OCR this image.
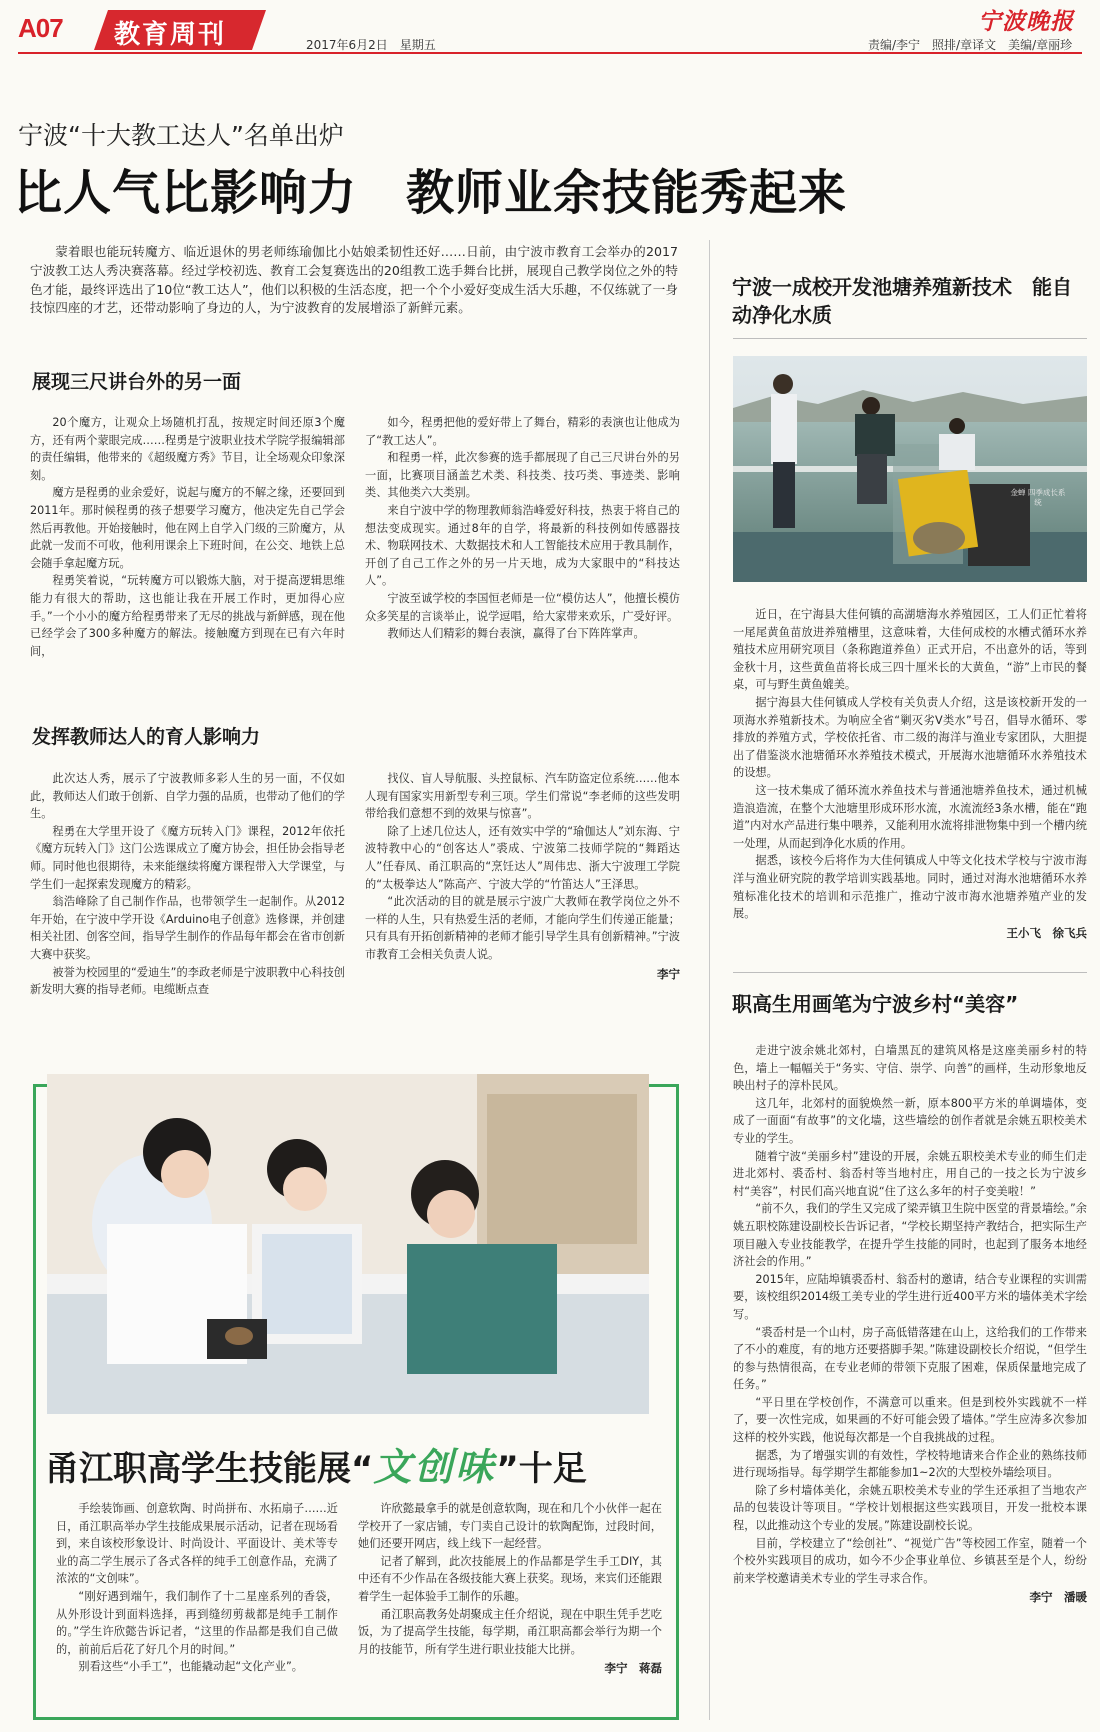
A07 教育周刊	2017年6月2日　星期五	责编/李宁　照排/章译文　美编/章丽珍
宁波晚报
宁波“十大教工达人”名单出炉
比人气比影响力　教师业余技能秀起来

蒙着眼也能玩转魔方、临近退休的男老师练瑜伽比小姑娘柔韧性还好……日前，由宁波市教育工会举办的2017宁波教工达人秀决赛落幕。经过学校初选、教育工会复赛选出的20组教工选手舞台比拼，展现自己教学岗位之外的特色才能，最终评选出了10位“教工达人”，他们以积极的生活态度，把一个个小爱好变成生活大乐趣，不仅练就了一身技惊四座的才艺，还带动影响了身边的人，为宁波教育的发展增添了新鲜元素。

展现三尺讲台外的另一面

20个魔方，让观众上场随机打乱，按规定时间还原3个魔方，还有两个蒙眼完成……程勇是宁波职业技术学院学报编辑部的责任编辑，他带来的《超级魔方秀》节目，让全场观众印象深刻。

魔方是程勇的业余爱好，说起与魔方的不解之缘，还要回到2011年。那时候程勇的孩子想要学习魔方，他决定先自己学会然后再教他。开始接触时，他在网上自学入门级的三阶魔方，从此就一发而不可收，他利用课余上下班时间，在公交、地铁上总会随手拿起魔方玩。

程勇笑着说，“玩转魔方可以锻炼大脑，对于提高逻辑思维能力有很大的帮助，这也能让我在开展工作时，更加得心应手。”一个小小的魔方给程勇带来了无尽的挑战与新鲜感，现在他已经学会了300多种魔方的解法。接触魔方到现在已有六年时间，

如今，程勇把他的爱好带上了舞台，精彩的表演也让他成为了“教工达人”。

和程勇一样，此次参赛的选手都展现了自己三尺讲台外的另一面，比赛项目涵盖艺术类、科技类、技巧类、事迹类、影响类、其他类六大类别。

来自宁波中学的物理教师翁浩峰爱好科技，热衷于将自己的想法变成现实。通过8年的自学，将最新的科技例如传感器技术、物联网技术、大数据技术和人工智能技术应用于教具制作，开创了自己工作之外的另一片天地，成为大家眼中的“科技达人”。

宁波至诚学校的李国恒老师是一位“模仿达人”，他擅长模仿众多笑星的言谈举止，说学逗唱，给大家带来欢乐，广受好评。

教师达人们精彩的舞台表演，赢得了台下阵阵掌声。

发挥教师达人的育人影响力

此次达人秀，展示了宁波教师多彩人生的另一面，不仅如此，教师达人们敢于创新、自学力强的品质，也带动了他们的学生。

程勇在大学里开设了《魔方玩转入门》课程，2012年依托《魔方玩转入门》这门公选课成立了魔方协会，担任协会指导老师。同时他也很期待，未来能继续将魔方课程带入大学课堂，与学生们一起探索发现魔方的精彩。

翁浩峰除了自己制作作品，也带领学生一起制作。从2012年开始，在宁波中学开设《Arduino电子创意》选修课，并创建相关社团、创客空间，指导学生制作的作品每年都会在省市创新大赛中获奖。

被誉为校园里的“爱迪生”的李政老师是宁波职教中心科技创新发明大赛的指导老师。电缆断点查

找仪、盲人导航服、头控鼠标、汽车防盗定位系统……他本人现有国家实用新型专利三项。学生们常说“李老师的这些发明带给我们意想不到的效果与惊喜”。

除了上述几位达人，还有效实中学的“瑜伽达人”刘东海、宁波特教中心的“创客达人”裘成、宁波第二技师学院的“舞蹈达人”任春凤、甬江职高的“烹饪达人”周伟忠、浙大宁波理工学院的“太极拳达人”陈高产、宁波大学的“竹笛达人”王泽思。

“此次活动的目的就是展示宁波广大教师在教学岗位之外不一样的人生，只有热爱生活的老师，才能向学生们传递正能量；只有具有开拓创新精神的老师才能引导学生具有创新精神。”宁波市教育工会相关负责人说。

李宁
宁波一成校开发池塘养殖新技术　能自动净化水质
金蝉 四季成长系统

近日，在宁海县大佳何镇的高湖塘海水养殖园区，工人们正忙着将一尾尾黄鱼苗放进养殖槽里，这意味着，大佳何成校的水槽式循环水养殖技术应用研究项目（条称跑道养鱼）正式开启，不出意外的话，等到金秋十月，这些黄鱼苗将长成三四十厘米长的大黄鱼，“游”上市民的餐桌，可与野生黄鱼媲美。

据宁海县大佳何镇成人学校有关负责人介绍，这是该校新开发的一项海水养殖新技术。为响应全省“剿灭劣Ⅴ类水”号召，倡导水循环、零排放的养殖方式，学校依托省、市二级的海洋与渔业专家团队，大胆提出了借鉴淡水池塘循环水养殖技术模式，开展海水池塘循环水养殖技术的设想。

这一技术集成了循环流水养鱼技术与普通池塘养鱼技术，通过机械造浪造流，在整个大池塘里形成环形水流，水流流经3条水槽，能在“跑道”内对水产品进行集中喂养，又能利用水流将排泄物集中到一个槽内统一处理，从而起到净化水质的作用。

据悉，该校今后将作为大佳何镇成人中等文化技术学校与宁波市海洋与渔业研究院的教学培训实践基地。同时，通过对海水池塘循环水养殖标准化技术的培训和示范推广，推动宁波市海水池塘养殖产业的发展。

王小飞　徐飞兵
职高生用画笔为宁波乡村“美容”

走进宁波余姚北郊村，白墙黑瓦的建筑风格是这座美丽乡村的特色，墙上一幅幅关于“务实、守信、崇学、向善”的画样，生动形象地反映出村子的淳朴民风。

这几年，北郊村的面貌焕然一新，原本800平方米的单调墙体，变成了一面面“有故事”的文化墙，这些墙绘的创作者就是余姚五职校美术专业的学生。

随着宁波“美丽乡村”建设的开展，余姚五职校美术专业的师生们走进北郊村、裘岙村、翁岙村等当地村庄，用自己的一技之长为宁波乡村“美容”，村民们高兴地直说“住了这么多年的村子变美啦！”

“前不久，我们的学生又完成了梁弄镇卫生院中医堂的背景墙绘。”余姚五职校陈建设副校长告诉记者，“学校长期坚持产教结合，把实际生产项目融入专业技能教学，在提升学生技能的同时，也起到了服务本地经济社会的作用。”

2015年，应陆埠镇裘岙村、翁岙村的邀请，结合专业课程的实训需要，该校组织2014级工美专业的学生进行近400平方米的墙体美术字绘写。

“裘岙村是一个山村，房子高低错落建在山上，这给我们的工作带来了不小的难度，有的地方还要搭脚手架。”陈建设副校长介绍说，“但学生的参与热情很高，在专业老师的带领下克服了困难，保质保量地完成了任务。”

“平日里在学校创作，不满意可以重来。但是到校外实践就不一样了，要一次性完成，如果画的不好可能会毁了墙体。”学生应涛多次参加这样的校外实践，他说每次都是一个自我挑战的过程。

据悉，为了增强实训的有效性，学校特地请来合作企业的熟练技师进行现场指导。每学期学生都能参加1~2次的大型校外墙绘项目。

除了乡村墙体美化，余姚五职校美术专业的学生还承担了当地农产品的包装设计等项目。“学校计划根据这些实践项目，开发一批校本课程，以此推动这个专业的发展。”陈建设副校长说。

目前，学校建立了“绘创社”、“视觉广告”等校园工作室，随着一个个校外实践项目的成功，如今不少企事业单位、乡镇甚至是个人，纷纷前来学校邀请美术专业的学生寻求合作。

李宁　潘暖
甬江职高学生技能展“文创味”十足

手绘装饰画、创意软陶、时尚拼布、水拓扇子……近日，甬江职高举办学生技能成果展示活动，记者在现场看到，来自该校形象设计、时尚设计、平面设计、美术等专业的高二学生展示了各式各样的纯手工创意作品，充满了浓浓的“文创味”。

“刚好遇到端午，我们制作了十二星座系列的香袋，从外形设计到面料选择，再到缝纫剪裁都是纯手工制作的。”学生许欣懿告诉记者，“这里的作品都是我们自己做的，前前后后花了好几个月的时间。”

别看这些“小手工”，也能撬动起“文化产业”。

许欣懿最拿手的就是创意软陶，现在和几个小伙伴一起在学校开了一家店铺，专门卖自己设计的软陶配饰，过段时间，她们还要开网店，线上线下一起经营。

记者了解到，此次技能展上的作品都是学生手工DIY，其中还有不少作品在各级技能大赛上获奖。现场，来宾们还能跟着学生一起体验手工制作的乐趣。

甬江职高教务处胡聚成主任介绍说，现在中职生凭手艺吃饭，为了提高学生技能，每学期，甬江职高都会举行为期一个月的技能节，所有学生进行职业技能大比拼。

李宁　蒋磊
